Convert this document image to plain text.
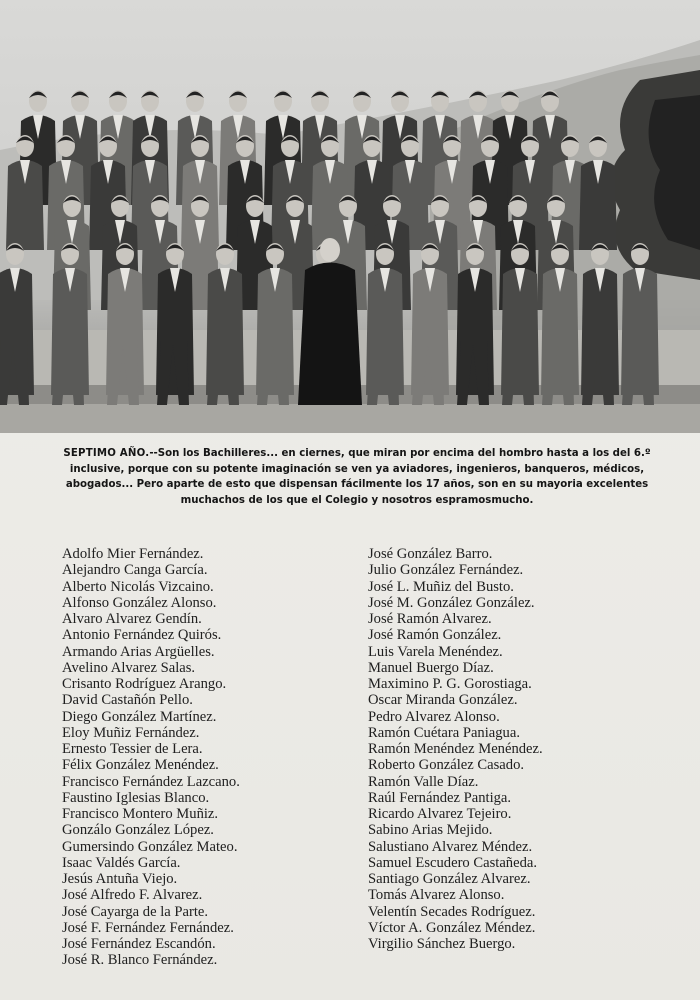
SEPTIMO AÑO.--Son los Bachilleres... en ciernes, que miran por encima del hombro hasta a los del 6.º inclusive, porque con su potente imaginación se ven ya aviadores, ingenieros, banqueros, médicos, abogados... Pero aparte de esto que dispensan fácilmente los 17 años, son en su mayoria excelentes muchachos de los que el Colegio y nosotros espramosmucho.
Adolfo Mier Fernández.
Alejandro Canga García.
Alberto Nicolás Vizcaino.
Alfonso González Alonso.
Alvaro Alvarez Gendín.
Antonio Fernández Quirós.
Armando Arias Argüelles.
Avelino Alvarez Salas.
Crisanto Rodríguez Arango.
David Castañón Pello.
Diego González Martínez.
Eloy Muñiz Fernández.
Ernesto Tessier de Lera.
Félix González Menéndez.
Francisco Fernández Lazcano.
Faustino Iglesias Blanco.
Francisco Montero Muñiz.
Gonzálo González López.
Gumersindo González Mateo.
Isaac Valdés García.
Jesús Antuña Viejo.
José Alfredo F. Alvarez.
José Cayarga de la Parte.
José F. Fernández Fernández.
José Fernández Escandón.
José R. Blanco Fernández.
José González Barro.
Julio González Fernández.
José L. Muñiz del Busto.
José M. González González.
José Ramón Alvarez.
José Ramón González.
Luis Varela Menéndez.
Manuel Buergo Díaz.
Maximino P. G. Gorostiaga.
Oscar Miranda González.
Pedro Alvarez Alonso.
Ramón Cuétara Paniagua.
Ramón Menéndez Menéndez.
Roberto González Casado.
Ramón Valle Díaz.
Raúl Fernández Pantiga.
Ricardo Alvarez Tejeiro.
Sabino Arias Mejido.
Salustiano Alvarez Méndez.
Samuel Escudero Castañeda.
Santiago González Alvarez.
Tomás Alvarez Alonso.
Velentín Secades Rodríguez.
Víctor A. González Méndez.
Virgilio Sánchez Buergo.
